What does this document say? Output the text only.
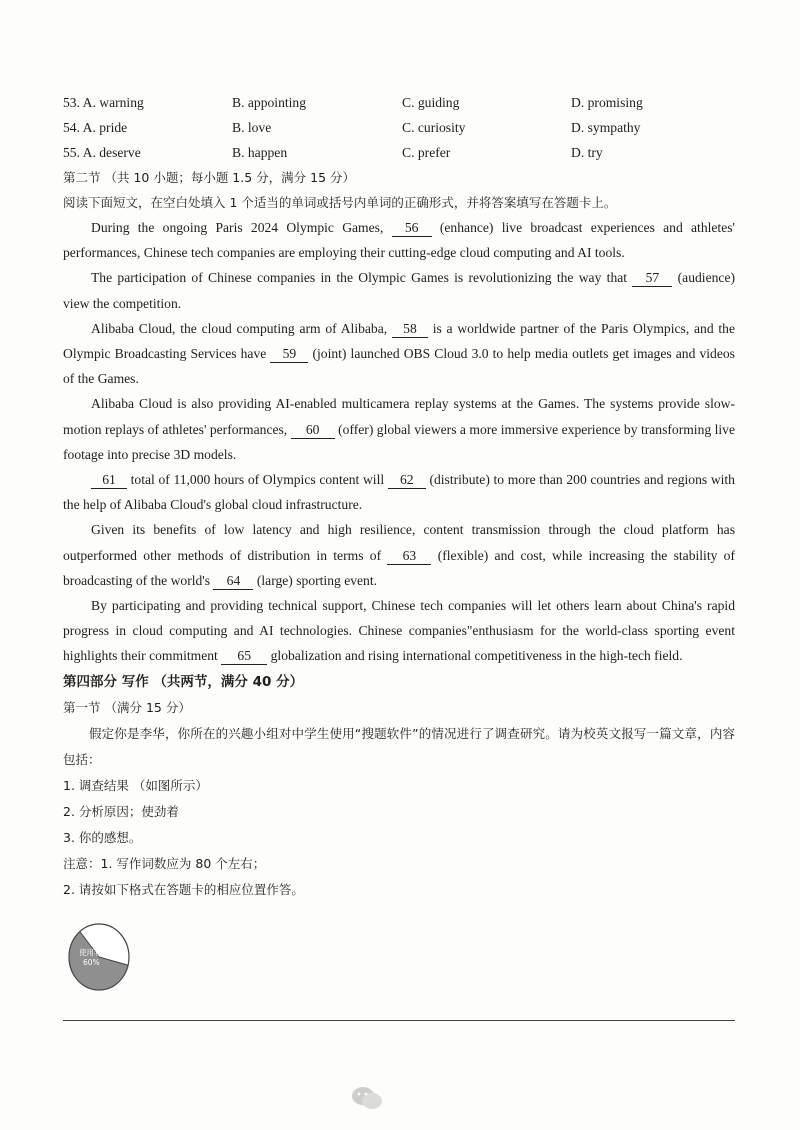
53. A. warning	B. appointing	C. guiding	D. promising
54. A. pride	B. love	C. curiosity	D. sympathy
55. A. deserve	B. happen	C. prefer	D. try
第二节 （共 10 小题；每小题 1.5 分，满分 15 分）
阅读下面短文，在空白处填入 1 个适当的单词或括号内单词的正确形式，并将答案填写在答题卡上。

During the ongoing Paris 2024 Olympic Games, 56 (enhance) live broadcast experiences and athletes' performances, Chinese tech companies are employing their cutting-edge cloud computing and AI tools.

The participation of Chinese companies in the Olympic Games is revolutionizing the way that 57 (audience) view the competition.

Alibaba Cloud, the cloud computing arm of Alibaba, 58 is a worldwide partner of the Paris Olympics, and the Olympic Broadcasting Services have 59 (joint) launched OBS Cloud 3.0 to help media outlets get images and videos of the Games.

Alibaba Cloud is also providing AI-enabled multicamera replay systems at the Games. The systems provide slow-motion replays of athletes' performances, 60 (offer) global viewers a more immersive experience by transforming live footage into precise 3D models.

61 total of 11,000 hours of Olympics content will 62 (distribute) to more than 200 countries and regions with the help of Alibaba Cloud's global cloud infrastructure.

Given its benefits of low latency and high resilience, content transmission through the cloud platform has outperformed other methods of distribution in terms of 63 (flexible) and cost, while increasing the stability of broadcasting of the world's 64 (large) sporting event.

By participating and providing technical support, Chinese tech companies will let others learn about China's rapid progress in cloud computing and AI technologies. Chinese companies"enthusiasm for the world-class sporting event highlights their commitment 65 globalization and rising international competitiveness in the high-tech field.

第四部分 写作 （共两节，满分 40 分）
第一节 （满分 15 分）

假定你是李华，你所在的兴趣小组对中学生使用“搜题软件”的情况进行了调查研究。请为校英文报写一篇文章，内容包括：

1. 调查结果 （如图所示）
2. 分析原因；使劲着
3. 你的感想。
注意：1. 写作词数应为 80 个左右；
2. 请按如下格式在答题卡的相应位置作答。
使用者
60%
